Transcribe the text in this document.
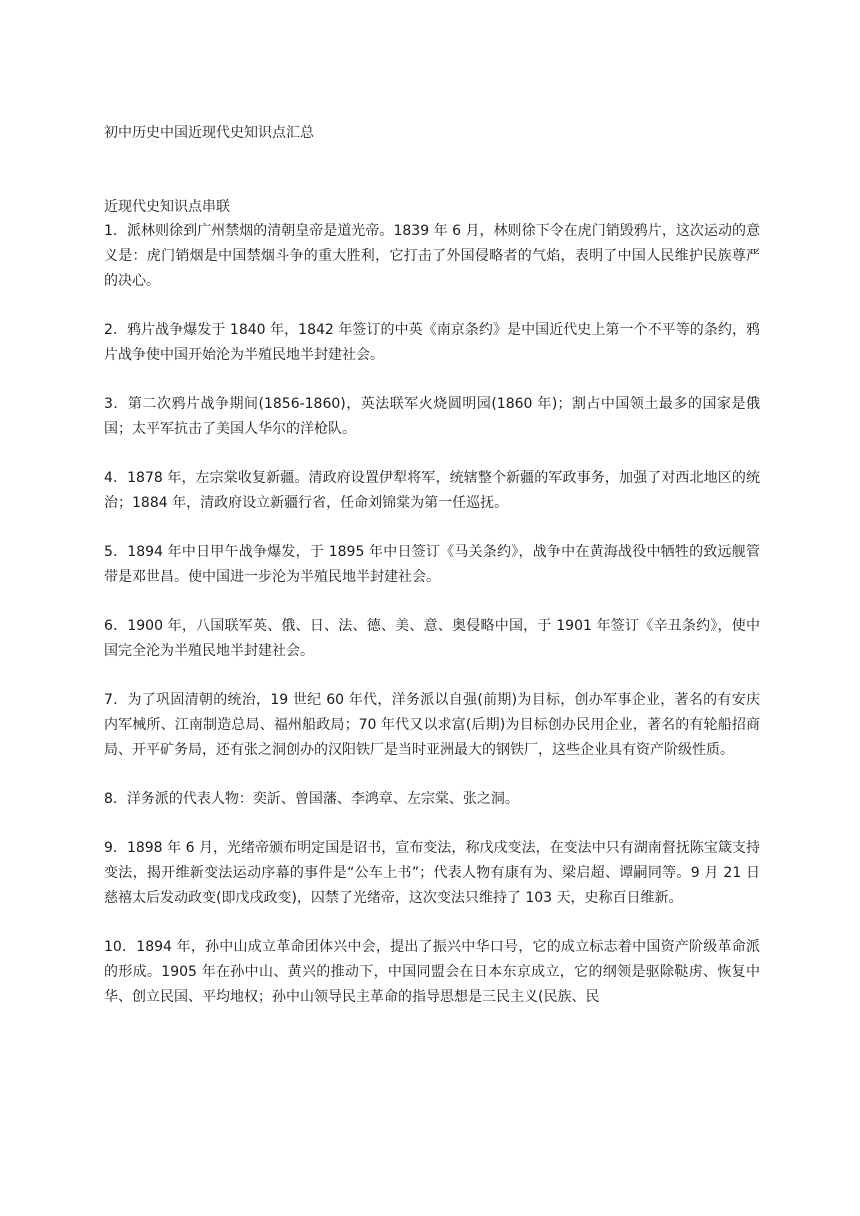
初中历史中国近现代史知识点汇总
近现代史知识点串联

1．派林则徐到广州禁烟的清朝皇帝是道光帝。1839 年 6 月，林则徐下令在虎门销毁鸦片，这次运动的意义是：虎门销烟是中国禁烟斗争的重大胜利，它打击了外国侵略者的气焰，表明了中国人民维护民族尊严的决心。

2．鸦片战争爆发于 1840 年，1842 年签订的中英《南京条约》是中国近代史上第一个不平等的条约，鸦片战争使中国开始沦为半殖民地半封建社会。

3．第二次鸦片战争期间(1856-1860)，英法联军火烧圆明园(1860 年)；割占中国领土最多的国家是俄国；太平军抗击了美国人华尔的洋枪队。

4．1878 年，左宗棠收复新疆。清政府设置伊犁将军，统辖整个新疆的军政事务，加强了对西北地区的统治；1884 年，清政府设立新疆行省，任命刘锦棠为第一任巡抚。

5．1894 年中日甲午战争爆发，于 1895 年中日签订《马关条约》，战争中在黄海战役中牺牲的致远舰管带是邓世昌。使中国进一步沦为半殖民地半封建社会。

6．1900 年，八国联军英、俄、日、法、德、美、意、奥侵略中国，于 1901 年签订《辛丑条约》，使中国完全沦为半殖民地半封建社会。

7．为了巩固清朝的统治，19 世纪 60 年代，洋务派以自强(前期)为目标，创办军事企业，著名的有安庆内军械所、江南制造总局、福州船政局；70 年代又以求富(后期)为目标创办民用企业，著名的有轮船招商局、开平矿务局，还有张之洞创办的汉阳铁厂是当时亚洲最大的钢铁厂，这些企业具有资产阶级性质。

8．洋务派的代表人物：奕訢、曾国藩、李鸿章、左宗棠、张之洞。

9．1898 年 6 月，光绪帝颁布明定国是诏书，宣布变法，称戊戌变法，在变法中只有湖南督抚陈宝箴支持变法，揭开维新变法运动序幕的事件是“公车上书”；代表人物有康有为、梁启超、谭嗣同等。9 月 21 日慈禧太后发动政变(即戊戌政变)，囚禁了光绪帝，这次变法只维持了 103 天，史称百日维新。

10．1894 年，孙中山成立革命团体兴中会，提出了振兴中华口号，它的成立标志着中国资产阶级革命派的形成。1905 年在孙中山、黄兴的推动下，中国同盟会在日本东京成立，它的纲领是驱除鞑虏、恢复中华、创立民国、平均地权；孙中山领导民主革命的指导思想是三民主义(民族、民
